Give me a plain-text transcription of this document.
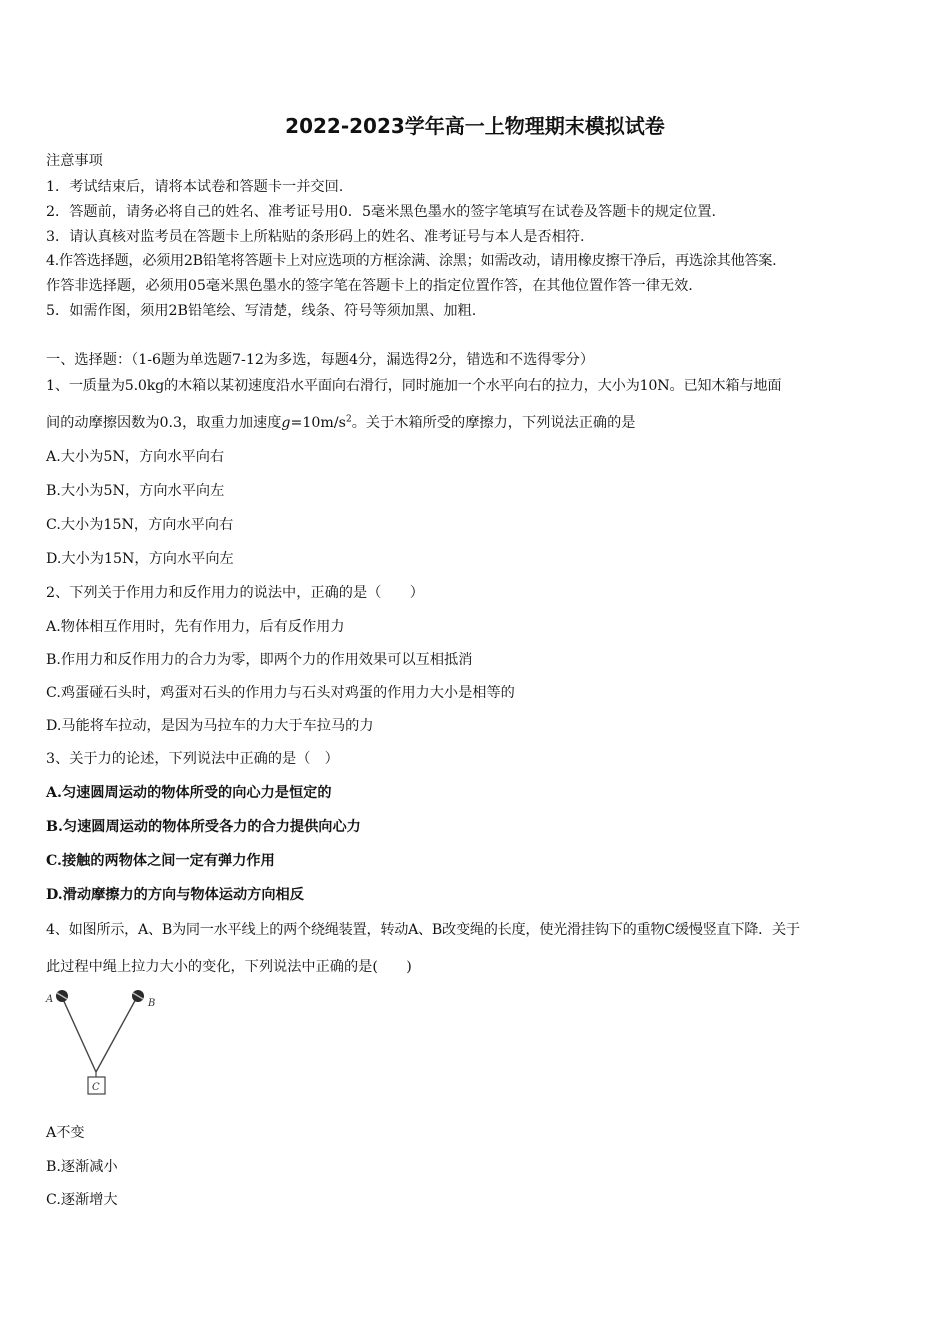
2022-2023学年高一上物理期末模拟试卷
注意事项
1．考试结束后，请将本试卷和答题卡一并交回.
2．答题前，请务必将自己的姓名、准考证号用0．5毫米黑色墨水的签字笔填写在试卷及答题卡的规定位置.
3．请认真核对监考员在答题卡上所粘贴的条形码上的姓名、准考证号与本人是否相符.
4.作答选择题，必须用2B铅笔将答题卡上对应选项的方框涂满、涂黑；如需改动，请用橡皮擦干净后，再选涂其他答案.
作答非选择题，必须用05毫米黑色墨水的签字笔在答题卡上的指定位置作答，在其他位置作答一律无效.
5．如需作图，须用2B铅笔绘、写清楚，线条、符号等须加黑、加粗.
一、选择题：（1-6题为单选题7-12为多选，每题4分，漏选得2分，错选和不选得零分）
1、一质量为5.0kg的木箱以某初速度沿水平面向右滑行，同时施加一个水平向右的拉力，大小为10N。已知木箱与地面
间的动摩擦因数为0.3，取重力加速度$g=10m/s^2$。关于木箱所受的摩擦力，下列说法正确的是
A.大小为5N，方向水平向右
B.大小为5N，方向水平向左
C.大小为15N，方向水平向右
D.大小为15N，方向水平向左
2、下列关于作用力和反作用力的说法中，正确的是（　　）
A.物体相互作用时，先有作用力，后有反作用力
B.作用力和反作用力的合力为零，即两个力的作用效果可以互相抵消
C.鸡蛋碰石头时，鸡蛋对石头的作用力与石头对鸡蛋的作用力大小是相等的
D.马能将车拉动，是因为马拉车的力大于车拉马的力
3、关于力的论述，下列说法中正确的是（　）
A.匀速圆周运动的物体所受的向心力是恒定的
B.匀速圆周运动的物体所受各力的合力提供向心力
C.接触的两物体之间一定有弹力作用
D.滑动摩擦力的方向与物体运动方向相反
4、如图所示，A、B为同一水平线上的两个绕绳装置，转动A、B改变绳的长度，使光滑挂钩下的重物C缓慢竖直下降．关于
此过程中绳上拉力大小的变化，下列说法中正确的是(　　)
A	B
C
A不变
B.逐渐减小
C.逐渐增大
